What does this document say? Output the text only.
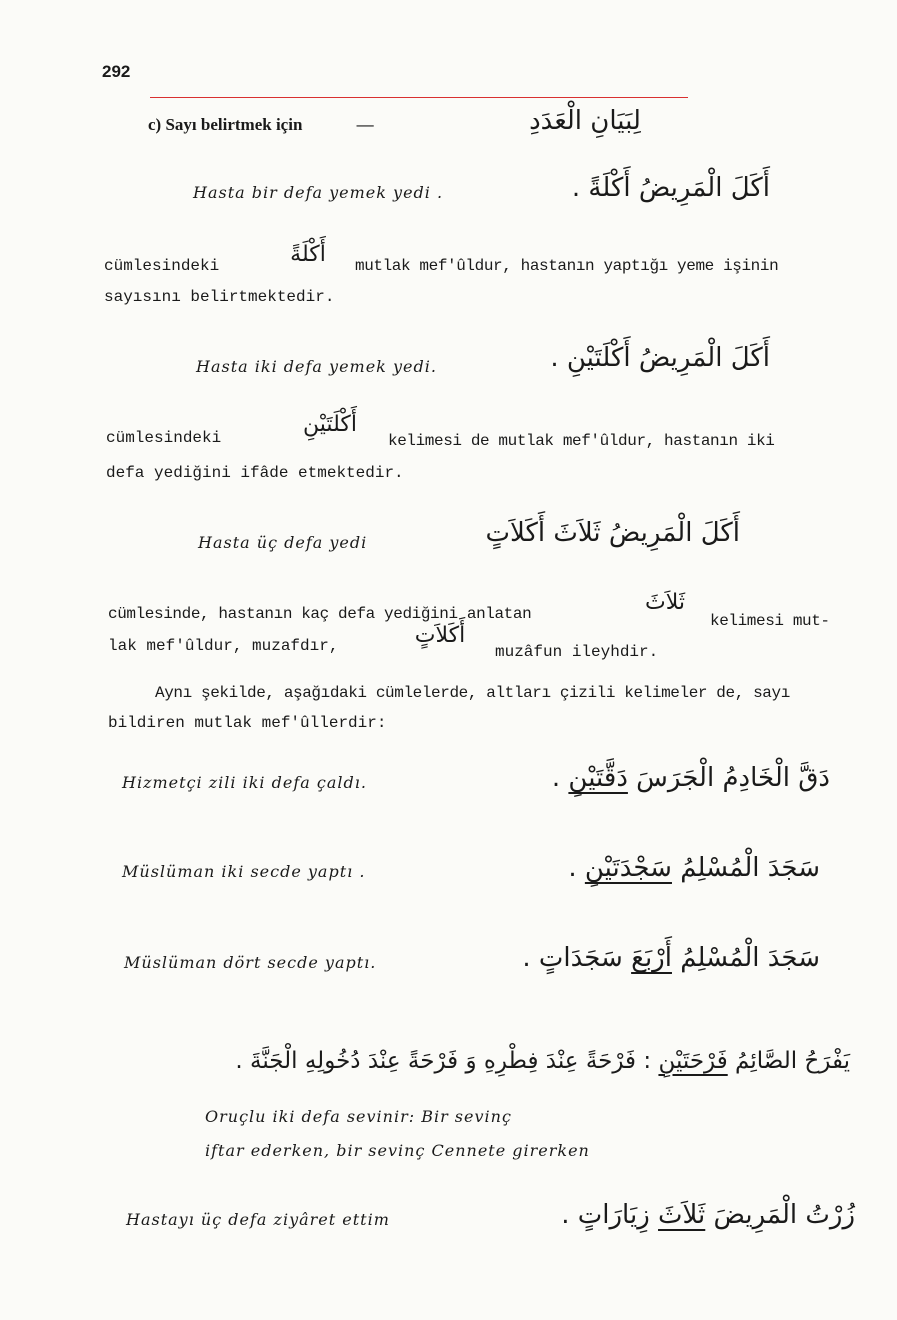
292
c) Sayı belirtmek için	—	لِبَيَانِ الْعَدَدِ
Hasta bir defa yemek yedi .	أَكَلَ الْمَرِيضُ أَكْلَةً .
cümlesindeki	أَكْلَةً	mutlak mef'ûldur, hastanın yaptığı yeme işinin
sayısını belirtmektedir.
Hasta iki defa yemek yedi.	أَكَلَ الْمَرِيضُ أَكْلَتَيْنِ .
cümlesindeki
أَكْلَتَيْنِ
kelimesi de mutlak mef'ûldur, hastanın iki
defa yediğini ifâde etmektedir.
Hasta üç defa yedi	أَكَلَ الْمَرِيضُ ثَلاَثَ أَكَلاَتٍ
cümlesinde, hastanın kaç defa yediğini anlatan	ثَلاَثَ
kelimesi mut-
lak mef'ûldur, muzafdır,	أَكَلاَتٍ
muzâfun ileyhdir.
Aynı şekilde, aşağıdaki cümlelerde, altları çizili kelimeler de, sayı
bildiren mutlak mef'ûllerdir:
Hizmetçi zili iki defa çaldı.	دَقَّ الْخَادِمُ الْجَرَسَ دَقَّتَيْنِ .
Müslüman iki secde yaptı .	سَجَدَ الْمُسْلِمُ سَجْدَتَيْنِ .
Müslüman dört secde yaptı.	سَجَدَ الْمُسْلِمُ أَرْبَعَ سَجَدَاتٍ .
يَفْرَحُ الصَّائِمُ فَرْحَتَيْنِ : فَرْحَةً عِنْدَ فِطْرِهِ وَ فَرْحَةً عِنْدَ دُخُولِهِ الْجَنَّةَ .
Oruçlu iki defa sevinir: Bir sevinç
iftar ederken, bir sevinç Cennete girerken
Hastayı üç defa ziyâret ettim	زُرْتُ الْمَرِيضَ ثَلاَثَ زِيَارَاتٍ .
